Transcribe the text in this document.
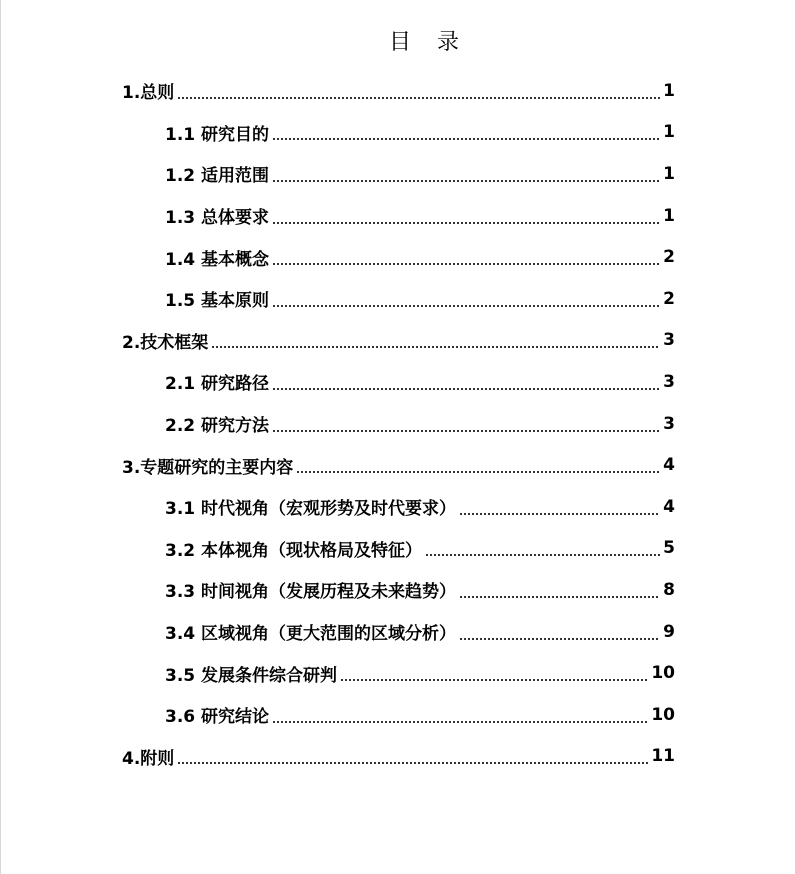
目 录
1.总则	1
1.1 研究目的	1
1.2 适用范围	1
1.3 总体要求	1
1.4 基本概念	2
1.5 基本原则	2
2.技术框架	3
2.1 研究路径	3
2.2 研究方法	3
3.专题研究的主要内容	4
3.1 时代视角（宏观形势及时代要求）	4
3.2 本体视角（现状格局及特征）	5
3.3 时间视角（发展历程及未来趋势）	8
3.4 区域视角（更大范围的区域分析）	9
3.5 发展条件综合研判	10
3.6 研究结论	10
4.附则	11
